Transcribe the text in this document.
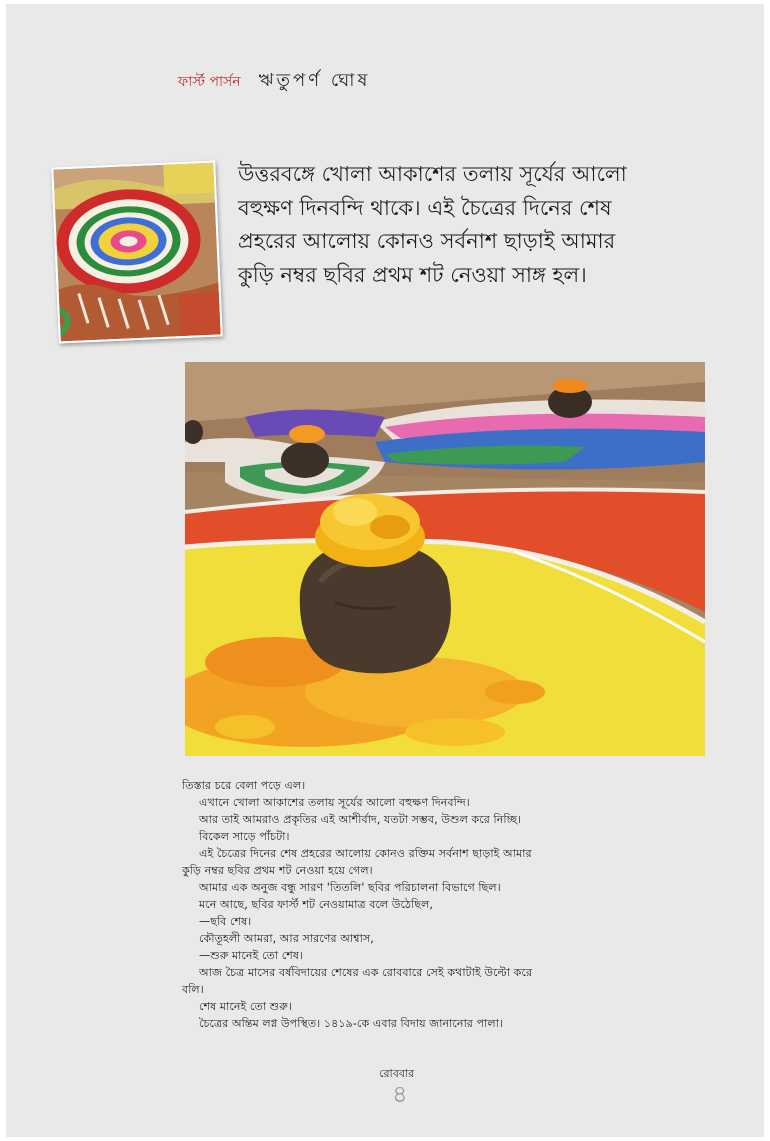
ফার্স্ট পার্সন ঋতুপর্ণ ঘোষ

উত্তরবঙ্গে খোলা আকাশের তলায় সূর্যের আলো

বহুক্ষণ দিনবন্দি থাকে। এই চৈত্রের দিনের শেষ

প্রহরের আলোয় কোনও সর্বনাশ ছাড়াই আমার

কুড়ি নম্বর ছবির প্রথম শট নেওয়া সাঙ্গ হল।

তিস্তার চরে বেলা পড়ে এল।

এখানে খোলা আকাশের তলায় সূর্যের আলো বহুক্ষণ দিনবন্দি।

আর তাই আমরাও প্রকৃতির এই আশীর্বাদ, যতটা সম্ভব, উশুল করে নিচ্ছি।

বিকেল সাড়ে পাঁচটা।

এই চৈত্রের দিনের শেষ প্রহরের আলোয় কোনও রক্তিম সর্বনাশ ছাড়াই আমার কুড়ি নম্বর ছবির প্রথম শট নেওয়া হয়ে গেল।

আমার এক অনুজ বন্ধু সারণ 'তিতলি' ছবির পরিচালনা বিভাগে ছিল।

মনে আছে, ছবির ফার্স্ট শট নেওয়ামাত্র বলে উঠেছিল,

—ছবি শেষ।

কৌতূহলী আমরা, আর সারণের আশ্বাস,

—শুরু মানেই তো শেষ।

আজ চৈত্র মাসের বর্ষবিদায়ের শেষের এক রোববারে সেই কথাটাই উল্টো করে বলি।

শেষ মানেই তো শুরু।

চৈত্রের অন্তিম লগ্ন উপস্থিত। ১৪১৯-কে এবার বিদায় জানানোর পালা।

রোববার
৪
